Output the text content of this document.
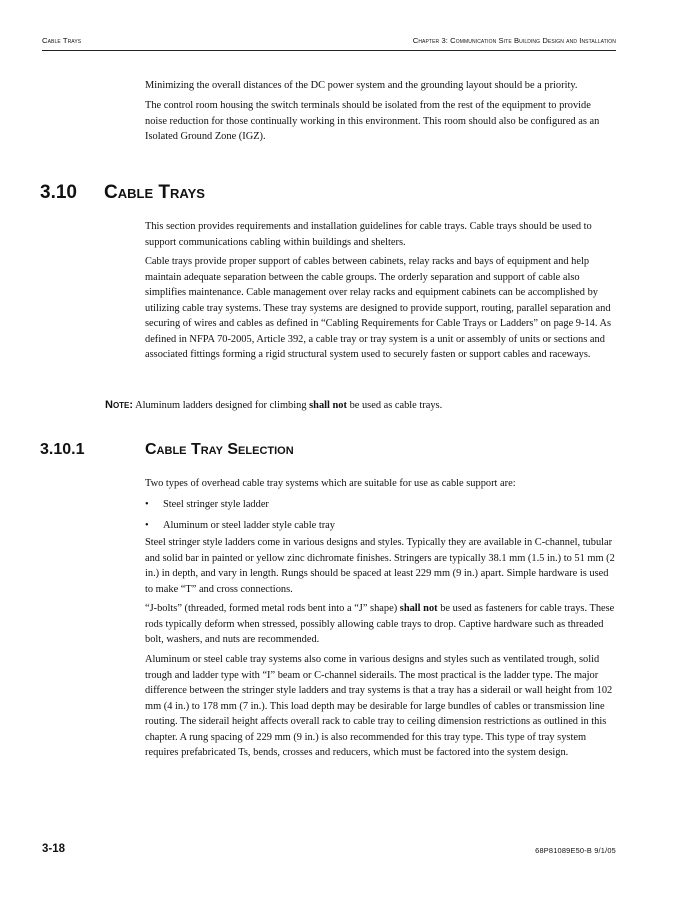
Cable Trays	Chapter 3: Communication Site Building Design and Installation

Minimizing the overall distances of the DC power system and the grounding layout should be a priority.

The control room housing the switch terminals should be isolated from the rest of the equipment to provide noise reduction for those continually working in this environment. This room should also be configured as an Isolated Ground Zone (IGZ).

3.10 Cable Trays

This section provides requirements and installation guidelines for cable trays. Cable trays should be used to support communications cabling within buildings and shelters.

Cable trays provide proper support of cables between cabinets, relay racks and bays of equipment and help maintain adequate separation between the cable groups. The orderly separation and support of cable also simplifies maintenance. Cable management over relay racks and equipment cabinets can be accomplished by utilizing cable tray systems. These tray systems are designed to provide support, routing, parallel separation and securing of wires and cables as defined in “Cabling Requirements for Cable Trays or Ladders” on page 9-14. As defined in NFPA 70-2005, Article 392, a cable tray or tray system is a unit or assembly of units or sections and associated fittings forming a rigid structural system used to securely fasten or support cables and raceways.

Note: Aluminum ladders designed for climbing shall not be used as cable trays.
3.10.1	Cable Tray Selection

Two types of overhead cable tray systems which are suitable for use as cable support are:

• Steel stringer style ladder
• Aluminum or steel ladder style cable tray

Steel stringer style ladders come in various designs and styles. Typically they are available in C-channel, tubular and solid bar in painted or yellow zinc dichromate finishes. Stringers are typically 38.1 mm (1.5 in.) to 51 mm (2 in.) in depth, and vary in length. Rungs should be spaced at least 229 mm (9 in.) apart. Simple hardware is used to make “T” and cross connections.

“J-bolts” (threaded, formed metal rods bent into a “J” shape) shall not be used as fasteners for cable trays. These rods typically deform when stressed, possibly allowing cable trays to drop. Captive hardware such as threaded bolt, washers, and nuts are recommended.

Aluminum or steel cable tray systems also come in various designs and styles such as ventilated trough, solid trough and ladder type with “I” beam or C-channel siderails. The most practical is the ladder type. The major difference between the stringer style ladders and tray systems is that a tray has a siderail or wall height from 102 mm (4 in.) to 178 mm (7 in.). This load depth may be desirable for large bundles of cables or transmission line routing. The siderail height affects overall rack to cable tray to ceiling dimension restrictions as outlined in this chapter. A rung spacing of 229 mm (9 in.) is also recommended for this tray type. This type of tray system requires prefabricated Ts, bends, crosses and reducers, which must be factored into the system design.

3-18	68P81089E50-B 9/1/05
